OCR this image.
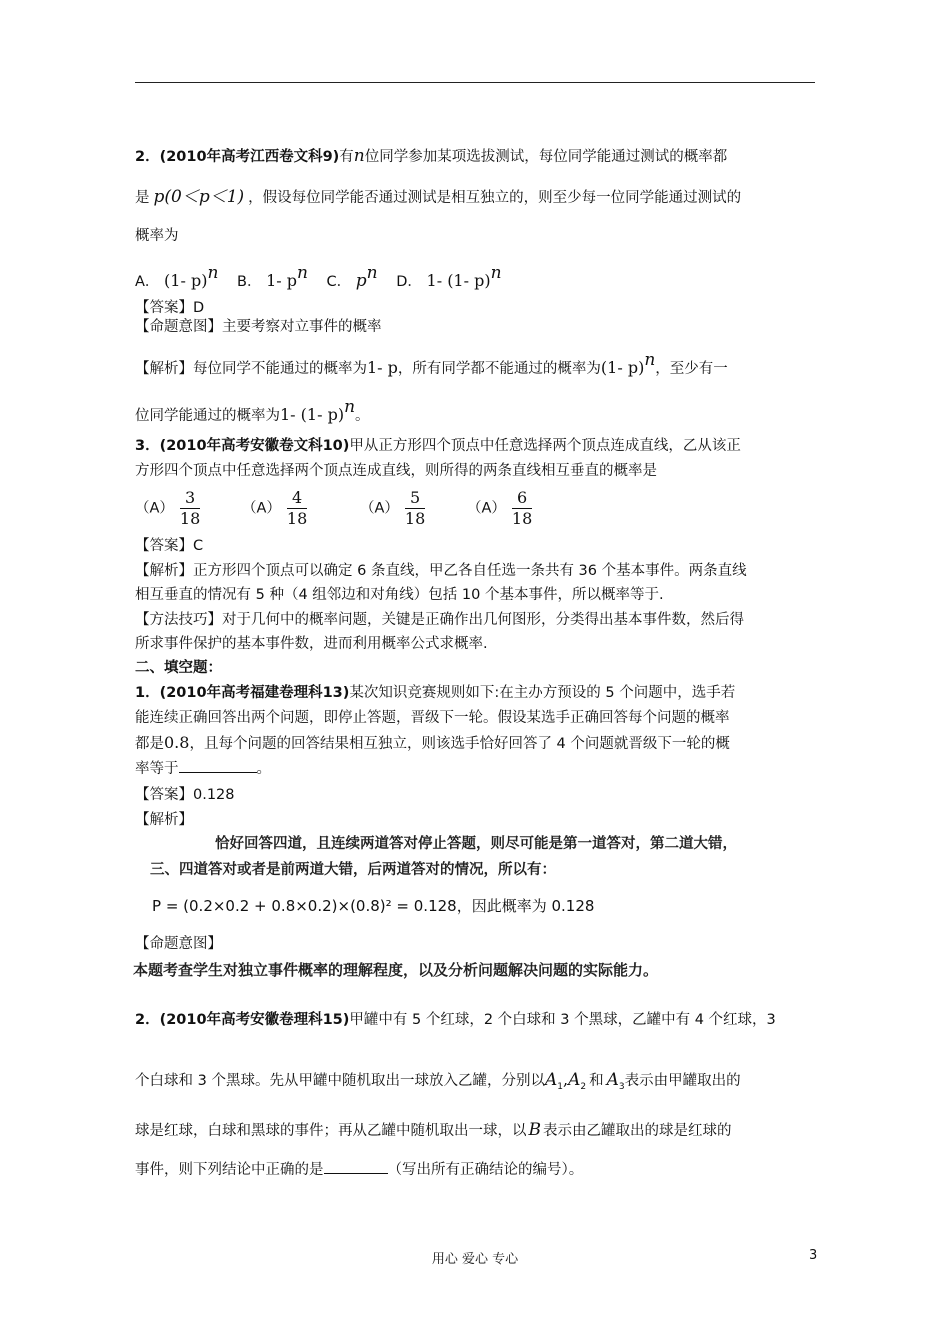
2．(2010年高考江西卷文科9)有n位同学参加某项选拔测试，每位同学能通过测试的概率都
是 p(0＜p＜1) ，假设每位同学能否通过测试是相互独立的，则至少每一位同学能通过测试的
概率为
A． (1- p)$^n$ B． 1- $p^n$ C． $p^n$ D． 1- (1- p)$^n$
【答案】D
【命题意图】主要考察对立事件的概率
【解析】每位同学不能通过的概率为1- p，所有同学都不能通过的概率为(1- p)$^n$，至少有一
位同学能通过的概率为1- (1- p)$^n$。
3．(2010年高考安徽卷文科10)甲从正方形四个顶点中任意选择两个顶点连成直线，乙从该正
方形四个顶点中任意选择两个顶点连成直线，则所得的两条直线相互垂直的概率是
$(A) \frac{3}{18}$	$(A) \frac{4}{18}$	$(A) \frac{5}{18}$	$(A) \frac{6}{18}$
【答案】C
【解析】正方形四个顶点可以确定 6 条直线，甲乙各自任选一条共有 36 个基本事件。两条直线
相互垂直的情况有 5 种（4 组邻边和对角线）包括 10 个基本事件，所以概率等于.
【方法技巧】对于几何中的概率问题，关键是正确作出几何图形，分类得出基本事件数，然后得
所求事件保护的基本事件数，进而利用概率公式求概率.
二、填空题：
1．(2010年高考福建卷理科13)某次知识竞赛规则如下:在主办方预设的 5 个问题中，选手若
能连续正确回答出两个问题，即停止答题，晋级下一轮。假设某选手正确回答每个问题的概率
都是0.8，且每个问题的回答结果相互独立，则该选手恰好回答了 4 个问题就晋级下一轮的概
率等于	。
【答案】0.128
【解析】
恰好回答四道，且连续两道答对停止答题，则尽可能是第一道答对，第二道大错，
三、四道答对或者是前两道大错，后两道答对的情况，所以有：
P = (0.2×0.2 + 0.8×0.2)×(0.8)² = 0.128，因此概率为 0.128
【命题意图】
本题考查学生对独立事件概率的理解程度，以及分析问题解决问题的实际能力。
2．(2010年高考安徽卷理科15)甲罐中有 5 个红球，2 个白球和 3 个黑球，乙罐中有 4 个红球，3
个白球和 3 个黑球。先从甲罐中随机取出一球放入乙罐，分别以$A_1,A_2$ 和 $A_3$表示由甲罐取出的
球是红球，白球和黑球的事件；再从乙罐中随机取出一球，以 B 表示由乙罐取出的球是红球的
事件，则下列结论中正确的是	（写出所有正确结论的编号）。
用心 爱心 专心	3
